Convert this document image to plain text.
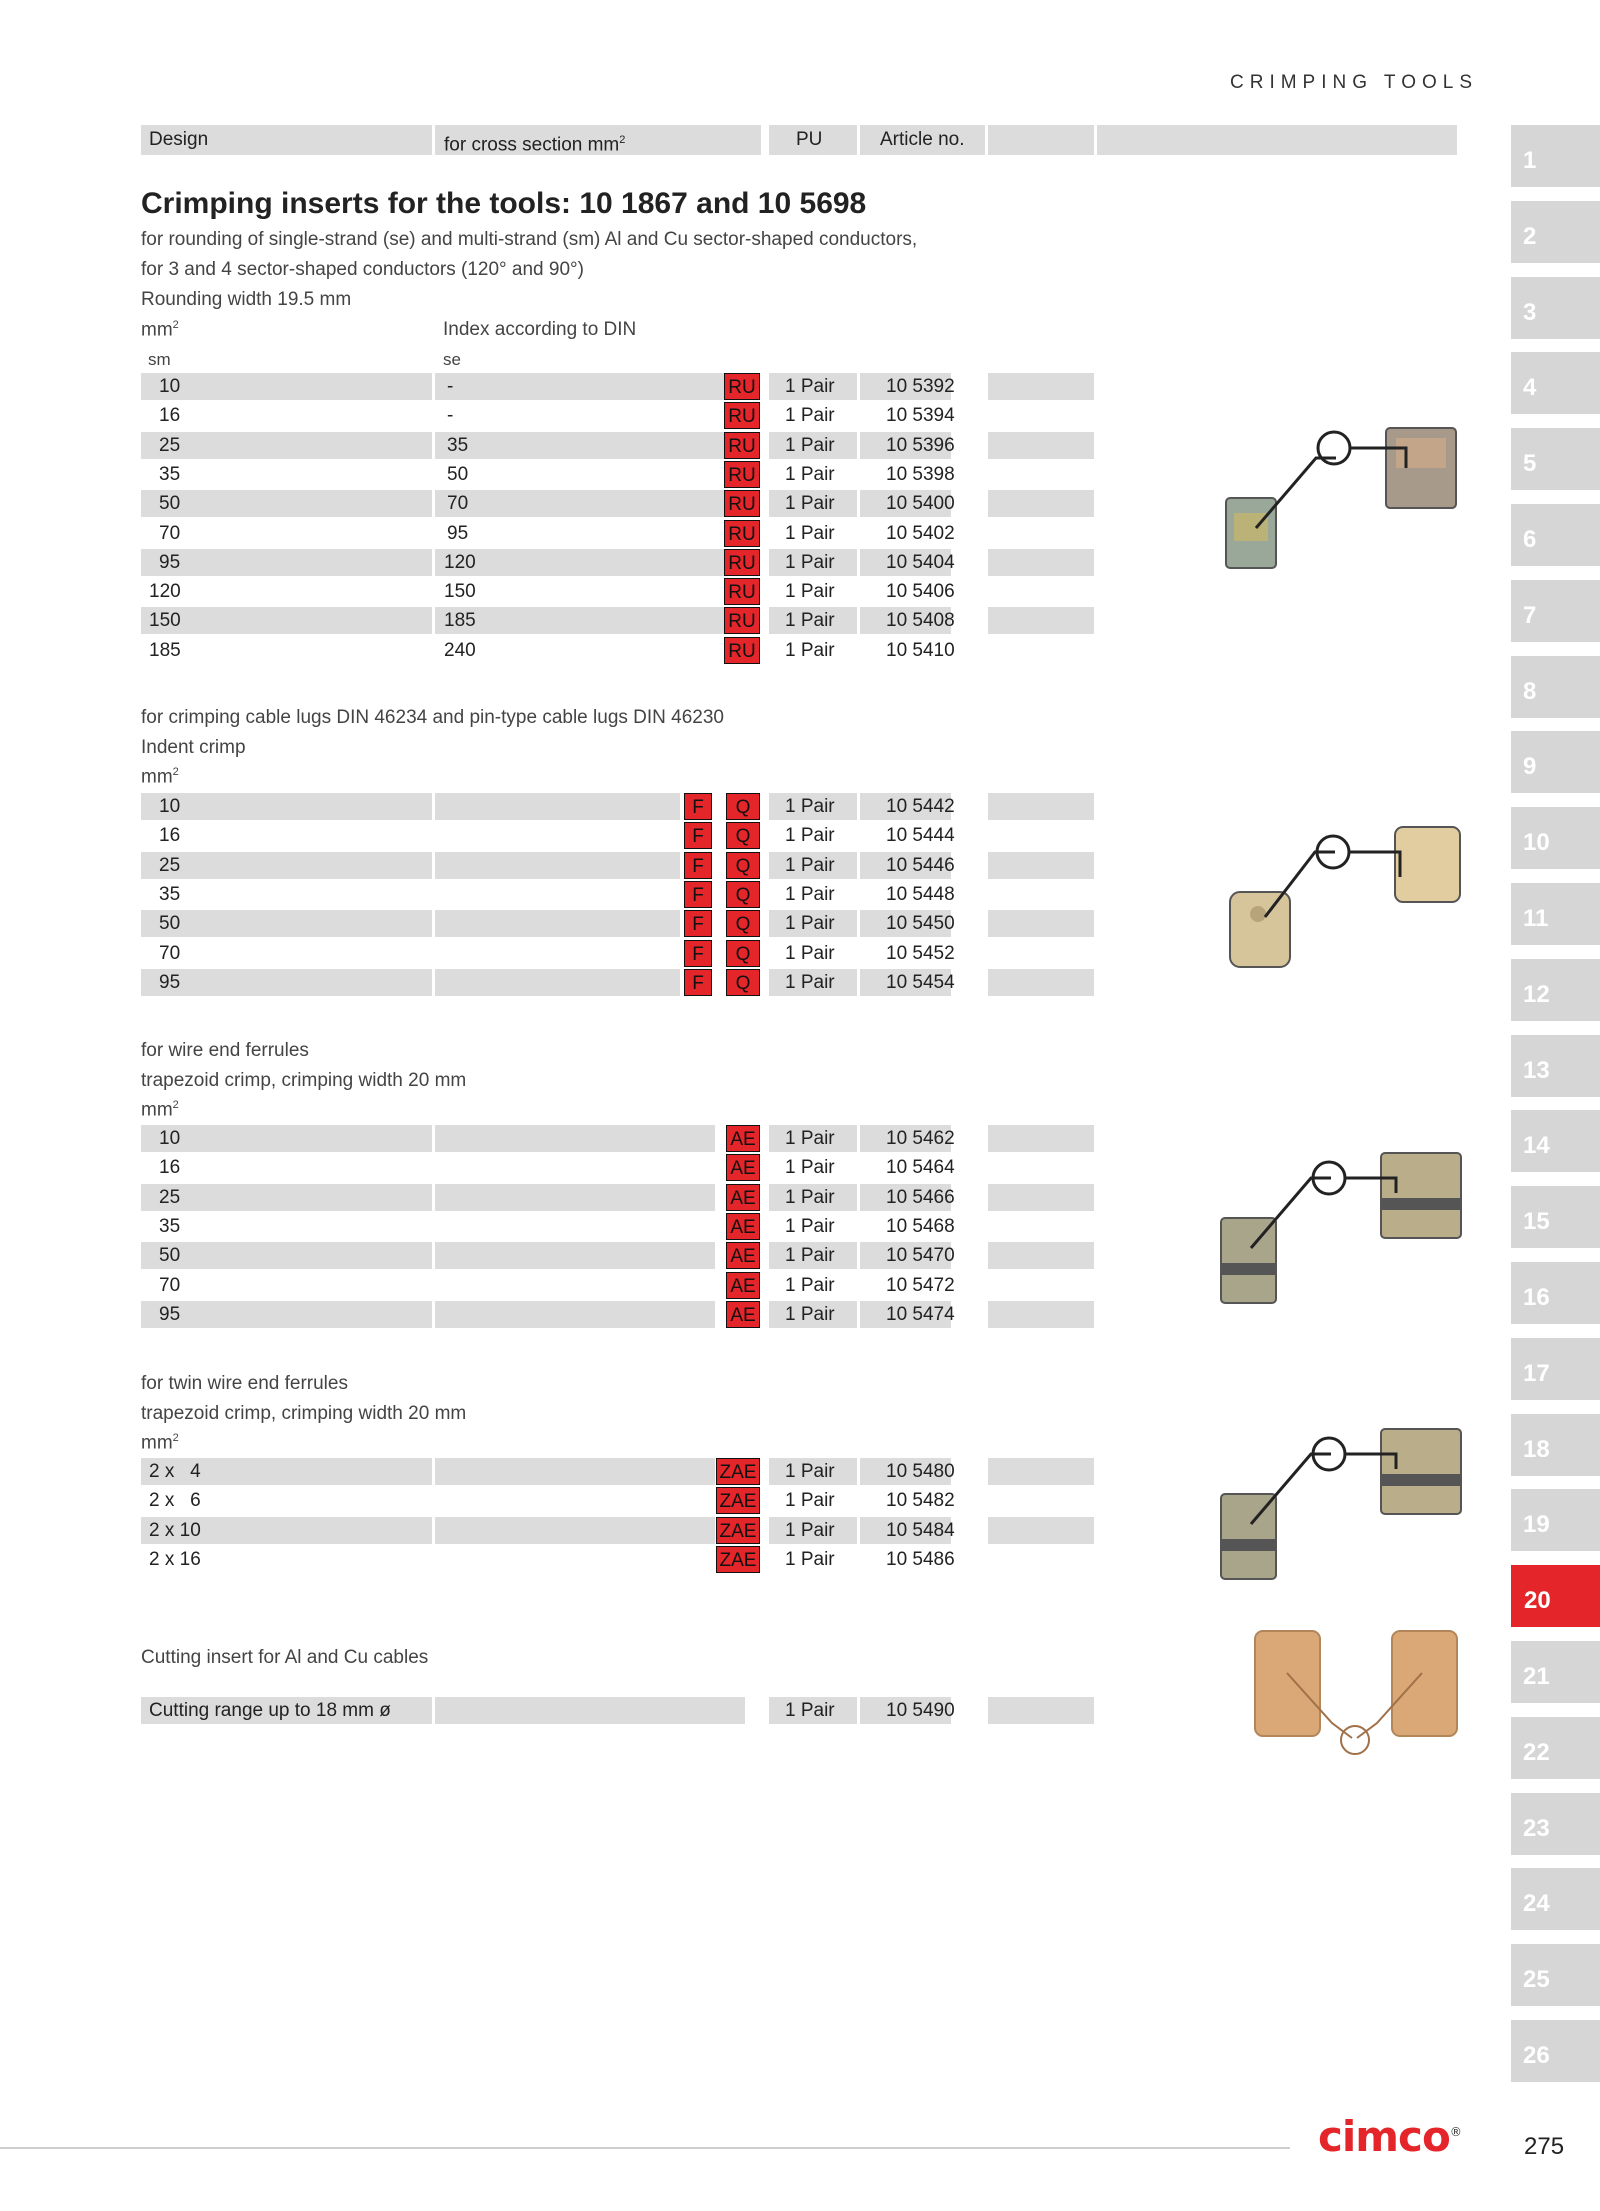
CRIMPING TOOLS
Design	for cross section $mm^2$	PU	Article no.
Crimping inserts for the tools: 10 1867 and 10 5698
for rounding of single-strand (se) and multi-strand (sm) Al and Cu sector-shaped conductors,
for 3 and 4 sector-shaped conductors (120° and 90°)
Rounding width 19.5 mm
$mm^2$	Index according to DIN
sm	se
10	-	RU	1 Pair	10 5392
16	-	RU	1 Pair	10 5394
25	35	RU	1 Pair	10 5396
35	50	RU	1 Pair	10 5398
50	70	RU	1 Pair	10 5400
70	95	RU	1 Pair	10 5402
95	120	RU	1 Pair	10 5404
120	150	RU	1 Pair	10 5406
150	185	RU	1 Pair	10 5408
185	240	RU	1 Pair	10 5410
for crimping cable lugs DIN 46234 and pin-type cable lugs DIN 46230
Indent crimp
$mm^2$
10	F	Q	1 Pair	10 5442
16	F	Q	1 Pair	10 5444
25	F	Q	1 Pair	10 5446
35	F	Q	1 Pair	10 5448
50	F	Q	1 Pair	10 5450
70	F	Q	1 Pair	10 5452
95	F	Q	1 Pair	10 5454
for wire end ferrules
trapezoid crimp, crimping width 20 mm
$mm^2$
10	AE	1 Pair	10 5462
16	AE	1 Pair	10 5464
25	AE	1 Pair	10 5466
35	AE	1 Pair	10 5468
50	AE	1 Pair	10 5470
70	AE	1 Pair	10 5472
95	AE	1 Pair	10 5474
for twin wire end ferrules
trapezoid crimp, crimping width 20 mm
$mm^2$
2 x   4	ZAE	1 Pair	10 5480
2 x   6	ZAE	1 Pair	10 5482
2 x 10	ZAE	1 Pair	10 5484
2 x 16	ZAE	1 Pair	10 5486
Cutting insert for Al and Cu cables
Cutting range up to 18 mm ø	1 Pair	10 5490
1
2
3
4
5
6
7
8
9
10
11
12
13
14
15
16
17
18
19
20
21
22
23
24
25
26
cimco®
275
